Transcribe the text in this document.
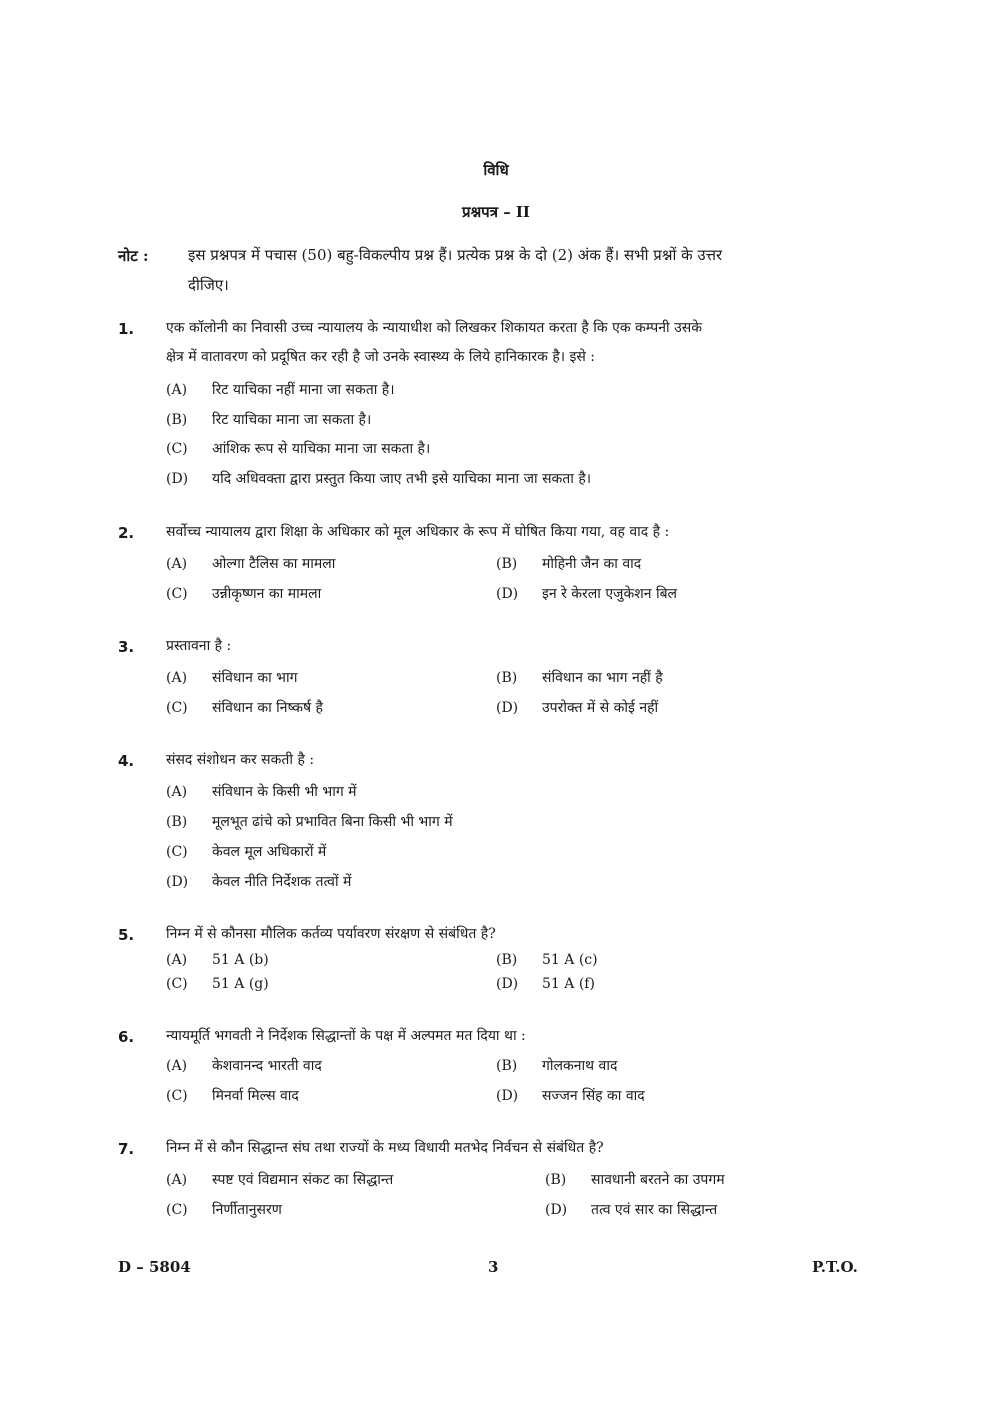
विधि
प्रश्नपत्र – II
नोट :	इस प्रश्नपत्र में पचास (50) बहु-विकल्पीय प्रश्न हैं। प्रत्येक प्रश्न के दो (2) अंक हैं। सभी प्रश्नों के उत्तर
दीजिए।
1. एक कॉलोनी का निवासी उच्च न्यायालय के न्यायाधीश को लिखकर शिकायत करता है कि एक कम्पनी उसके
क्षेत्र में वातावरण को प्रदूषित कर रही है जो उनके स्वास्थ्य के लिये हानिकारक है। इसे :
(A) रिट याचिका नहीं माना जा सकता है।
(B) रिट याचिका माना जा सकता है।
(C) आंशिक रूप से याचिका माना जा सकता है।
(D) यदि अधिवक्ता द्वारा प्रस्तुत किया जाए तभी इसे याचिका माना जा सकता है।
2. सर्वोच्च न्यायालय द्वारा शिक्षा के अधिकार को मूल अधिकार के रूप में घोषित किया गया, वह वाद है :
(A) ओल्गा टैलिस का मामला	(B) मोहिनी जैन का वाद
(C) उन्नीकृष्णन का मामला	(D) इन रे केरला एजुकेशन बिल
3. प्रस्तावना है :
(A) संविधान का भाग	(B) संविधान का भाग नहीं है
(C) संविधान का निष्कर्ष है	(D) उपरोक्त में से कोई नहीं
4. संसद संशोधन कर सकती है :
(A) संविधान के किसी भी भाग में
(B) मूलभूत ढांचे को प्रभावित बिना किसी भी भाग में
(C) केवल मूल अधिकारों में
(D) केवल नीति निर्देशक तत्वों में
5. निम्न में से कौनसा मौलिक कर्तव्य पर्यावरण संरक्षण से संबंधित है?
(A) 51 A (b)	(B) 51 A (c)
(C) 51 A (g)	(D) 51 A (f)
6. न्यायमूर्ति भगवती ने निर्देशक सिद्धान्तों के पक्ष में अल्पमत मत दिया था :
(A) केशवानन्द भारती वाद	(B) गोलकनाथ वाद
(C) मिनर्वा मिल्स वाद	(D) सज्जन सिंह का वाद
7. निम्न में से कौन सिद्धान्त संघ तथा राज्यों के मध्य विधायी मतभेद निर्वचन से संबंधित है?
(A) स्पष्ट एवं विद्यमान संकट का सिद्धान्त	(B) सावधानी बरतने का उपगम
(C) निर्णीतानुसरण	(D) तत्व एवं सार का सिद्धान्त
D – 5804	3	P.T.O.
